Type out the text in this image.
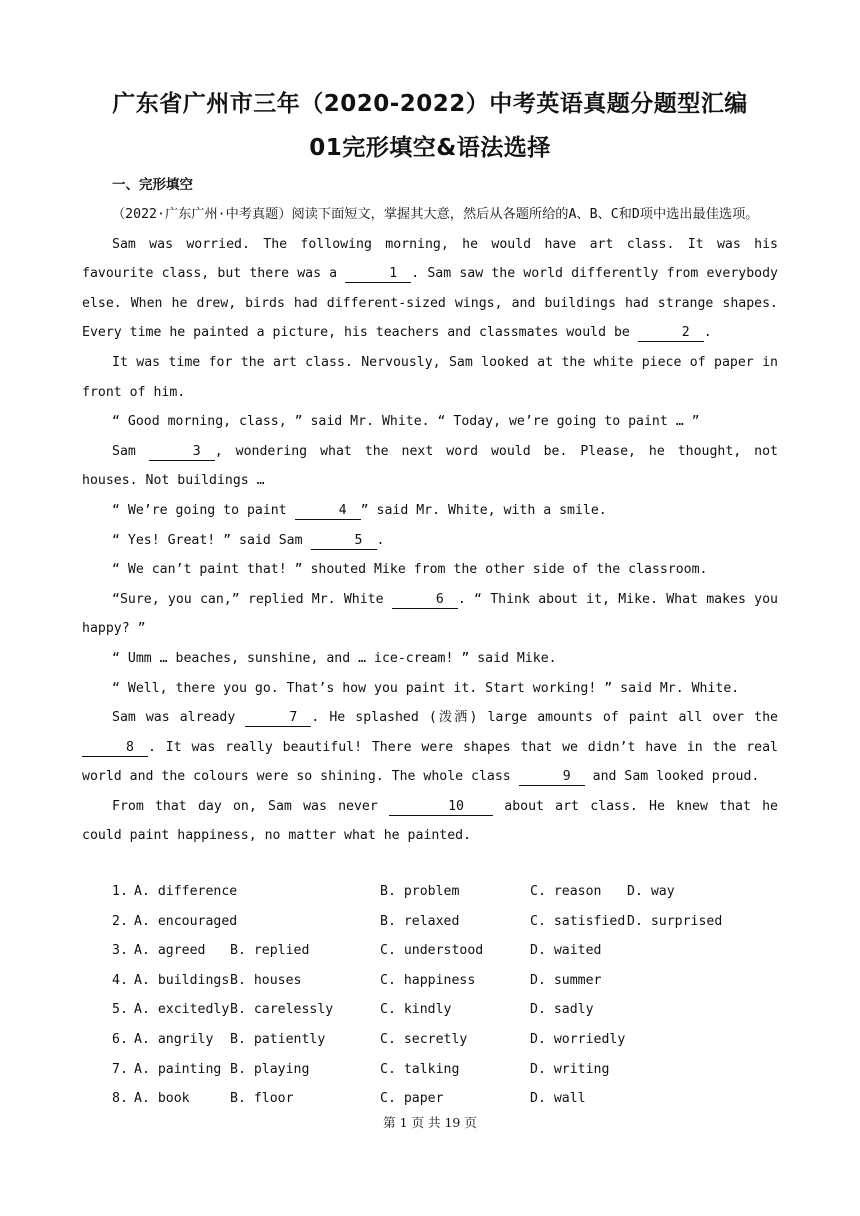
广东省广州市三年（2020-2022）中考英语真题分题型汇编
01完形填空&语法选择
一、完形填空

（2022·广东广州·中考真题）阅读下面短文，掌握其大意，然后从各题所给的A、B、C和D项中选出最佳选项。

Sam was worried. The following morning, he would have art class. It was his favourite class, but there was a	1 . Sam saw the world differently from everybody else. When he drew, birds had different-sized wings, and buildings had strange shapes. Every time he painted a picture, his teachers and classmates would be	2 .

It was time for the art class. Nervously, Sam looked at the white piece of paper in front of him.

“ Good morning, class, ” said Mr. White. “ Today, we’re going to paint … ”

Sam	3 , wondering what the next word would be. Please, he thought, not houses. Not buildings …

“ We’re going to paint	4 ” said Mr. White, with a smile.

“ Yes! Great! ” said Sam	5 .

“ We can’t paint that! ” shouted Mike from the other side of the classroom.

“Sure, you can,” replied Mr. White	6 . “ Think about it, Mike. What makes you happy? ”

“ Umm … beaches, sunshine, and … ice-cream! ” said Mike.

“ Well, there you go. That’s how you paint it. Start working! ” said Mr. White.

Sam was already	7 . He splashed (泼洒) large amounts of paint all over the 8 . It was really beautiful! There were shapes that we didn’t have in the real world and the colours were so shining. The whole class	9 and Sam looked proud.

From that day on, Sam was never	10 about art class. He knew that he could paint happiness, no matter what he painted.

1. A. difference	B. problem	C. reason D. way
2. A. encouraged	B. relaxed	C. satisfied D. surprised
3. A. agreed B. replied	C. understood	D. waited
4. A. buildings B. houses	C. happiness	D. summer
5. A. excitedly B. carelessly	C. kindly	D. sadly
6. A. angrily B. patiently	C. secretly	D. worriedly
7. A. painting B. playing	C. talking	D. writing
8. A. book	B. floor	C. paper	D. wall
第 1 页 共 19 页
